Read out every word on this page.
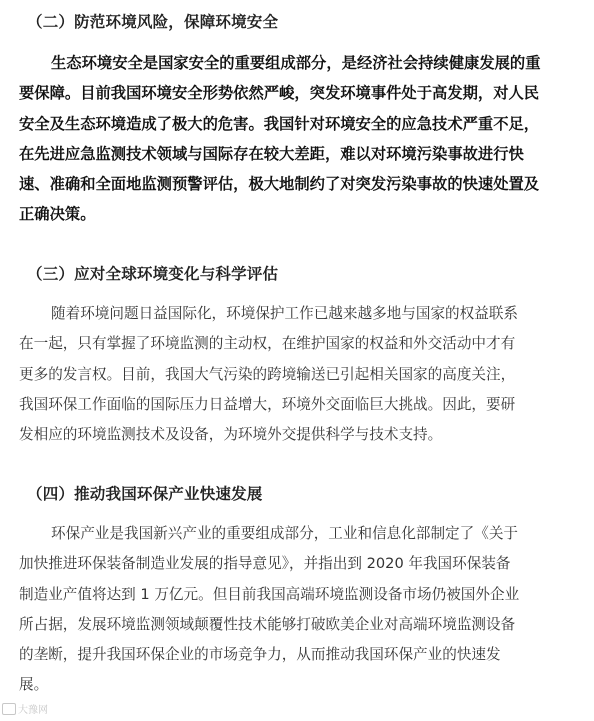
（二）防范环境风险，保障环境安全
生态环境安全是国家安全的重要组成部分，是经济社会持续健康发展的重
要保障。目前我国环境安全形势依然严峻，突发环境事件处于高发期，对人民
安全及生态环境造成了极大的危害。我国针对环境安全的应急技术严重不足，
在先进应急监测技术领域与国际存在较大差距，难以对环境污染事故进行快
速、准确和全面地监测预警评估，极大地制约了对突发污染事故的快速处置及
正确决策。
（三）应对全球环境变化与科学评估
随着环境问题日益国际化，环境保护工作已越来越多地与国家的权益联系
在一起，只有掌握了环境监测的主动权，在维护国家的权益和外交活动中才有
更多的发言权。目前，我国大气污染的跨境输送已引起相关国家的高度关注，
我国环保工作面临的国际压力日益增大，环境外交面临巨大挑战。因此，要研
发相应的环境监测技术及设备，为环境外交提供科学与技术支持。
（四）推动我国环保产业快速发展
环保产业是我国新兴产业的重要组成部分，工业和信息化部制定了《关于
加快推进环保装备制造业发展的指导意见》，并指出到 2020 年我国环保装备
制造业产值将达到 1 万亿元。但目前我国高端环境监测设备市场仍被国外企业
所占据，发展环境监测领域颠覆性技术能够打破欧美企业对高端环境监测设备
的垄断，提升我国环保企业的市场竞争力，从而推动我国环保产业的快速发
展。
大豫网
